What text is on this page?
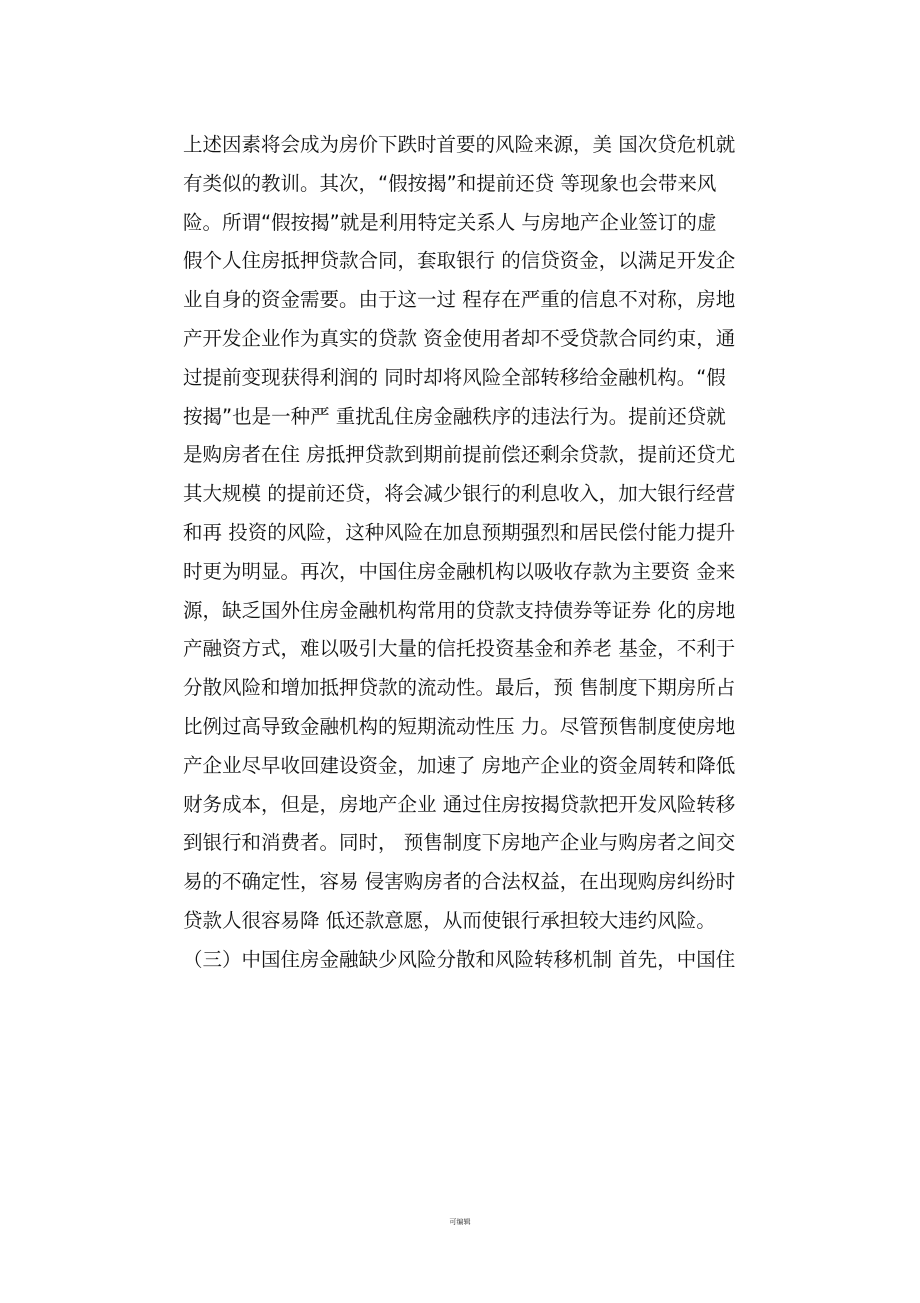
上述因素将会成为房价下跌时首要的风险来源，美 国次贷危机就
有类似的教训。其次，“假按揭”和提前还贷 等现象也会带来风
险。所谓“假按揭”就是利用特定关系人 与房地产企业签订的虚
假个人住房抵押贷款合同，套取银行 的信贷资金，以满足开发企
业自身的资金需要。由于这一过 程存在严重的信息不对称，房地
产开发企业作为真实的贷款 资金使用者却不受贷款合同约束，通
过提前变现获得利润的 同时却将风险全部转移给金融机构。“假
按揭”也是一种严 重扰乱住房金融秩序的违法行为。提前还贷就
是购房者在住 房抵押贷款到期前提前偿还剩余贷款，提前还贷尤
其大规模 的提前还贷，将会减少银行的利息收入，加大银行经营
和再 投资的风险，这种风险在加息预期强烈和居民偿付能力提升
时更为明显。再次，中国住房金融机构以吸收存款为主要资 金来
源，缺乏国外住房金融机构常用的贷款支持债券等证券 化的房地
产融资方式，难以吸引大量的信托投资基金和养老 基金，不利于
分散风险和增加抵押贷款的流动性。最后，预 售制度下期房所占
比例过高导致金融机构的短期流动性压 力。尽管预售制度使房地
产企业尽早收回建设资金，加速了 房地产企业的资金周转和降低
财务成本，但是，房地产企业 通过住房按揭贷款把开发风险转移
到银行和消费者。同时， 预售制度下房地产企业与购房者之间交
易的不确定性，容易 侵害购房者的合法权益，在出现购房纠纷时
贷款人很容易降 低还款意愿，从而使银行承担较大违约风险。
（三）中国住房金融缺少风险分散和风险转移机制 首先，中国住
可编辑
